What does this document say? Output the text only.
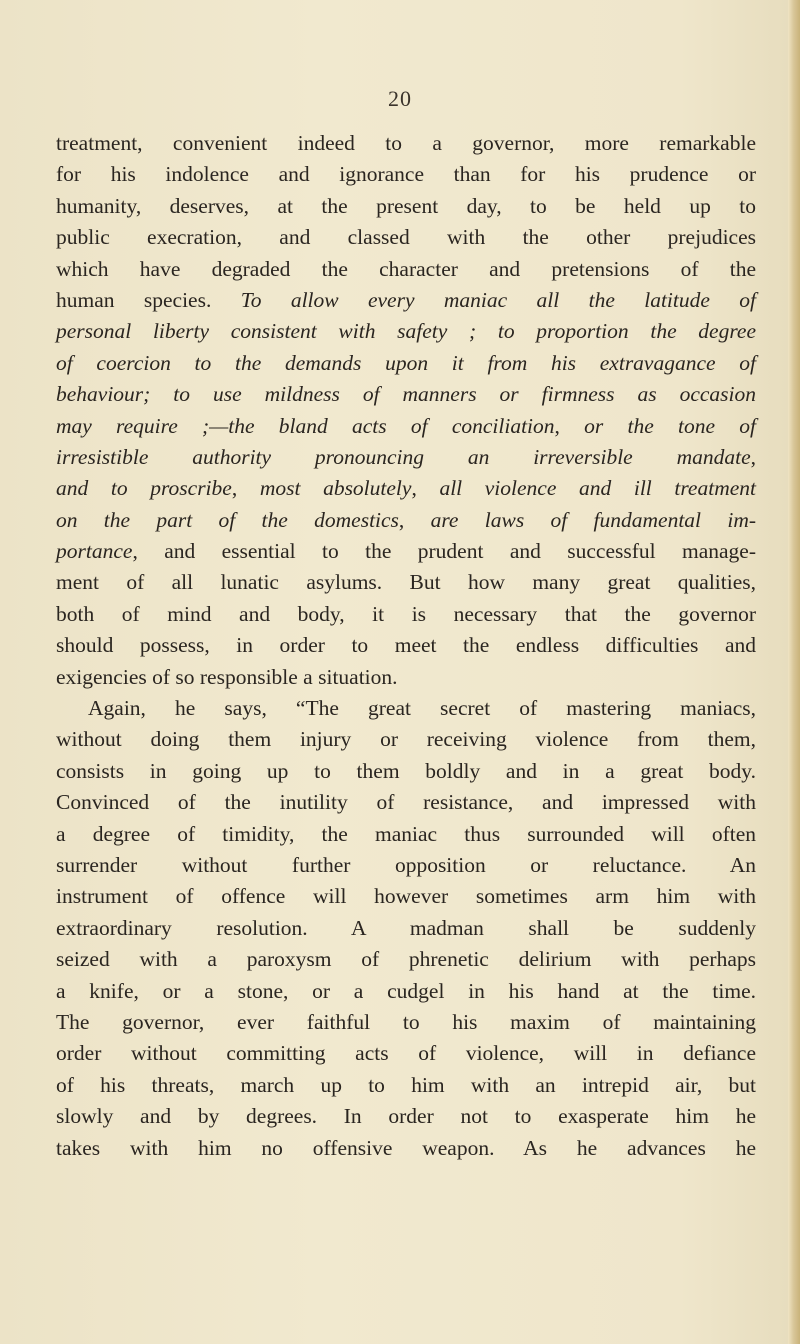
20
treatment, convenient indeed to a governor, more remarkable
for his indolence and ignorance than for his prudence or
humanity, deserves, at the present day, to be held up to
public execration, and classed with the other prejudices
which have degraded the character and pretensions of the
human species. To allow every maniac all the latitude of
personal liberty consistent with safety ; to proportion the degree
of coercion to the demands upon it from his extravagance of
behaviour; to use mildness of manners or firmness as occasion
may require ;—the bland acts of conciliation, or the tone of
irresistible authority pronouncing an irreversible mandate,
and to proscribe, most absolutely, all violence and ill treatment
on the part of the domestics, are laws of fundamental im-
portance, and essential to the prudent and successful manage-
ment of all lunatic asylums. But how many great qualities,
both of mind and body, it is necessary that the governor
should possess, in order to meet the endless difficulties and
exigencies of so responsible a situation.
Again, he says, “The great secret of mastering maniacs,
without doing them injury or receiving violence from them,
consists in going up to them boldly and in a great body.
Convinced of the inutility of resistance, and impressed with
a degree of timidity, the maniac thus surrounded will often
surrender without further opposition or reluctance. An
instrument of offence will however sometimes arm him with
extraordinary resolution. A madman shall be suddenly
seized with a paroxysm of phrenetic delirium with perhaps
a knife, or a stone, or a cudgel in his hand at the time.
The governor, ever faithful to his maxim of maintaining
order without committing acts of violence, will in defiance
of his threats, march up to him with an intrepid air, but
slowly and by degrees. In order not to exasperate him he
takes with him no offensive weapon. As he advances he
